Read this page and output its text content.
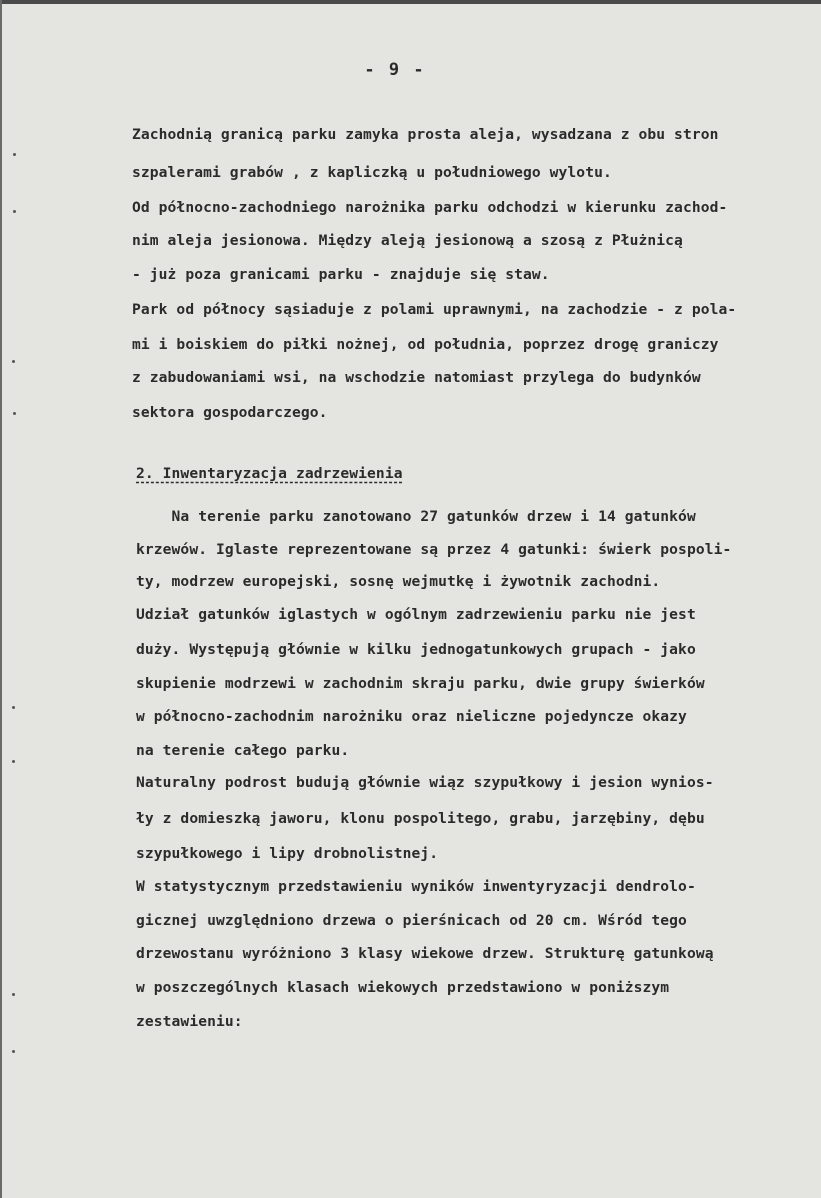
- 9 -
Zachodnią granicą parku zamyka prosta aleja, wysadzana z obu stron
szpalerami grabów , z kapliczką u południowego wylotu.
Od północno-zachodniego narożnika parku odchodzi w kierunku zachod-
nim aleja jesionowa. Między aleją jesionową a szosą z Płużnicą
- już poza granicami parku - znajduje się staw.
Park od północy sąsiaduje z polami uprawnymi, na zachodzie - z pola-
mi i boiskiem do piłki nożnej, od południa, poprzez drogę graniczy
z zabudowaniami wsi, na wschodzie natomiast przylega do budynków
sektora gospodarczego.
2. Inwentaryzacja zadrzewienia
Na terenie parku zanotowano 27 gatunków drzew i 14 gatunków
krzewów. Iglaste reprezentowane są przez 4 gatunki: świerk pospoli-
ty, modrzew europejski, sosnę wejmutkę i żywotnik zachodni.
Udział gatunków iglastych w ogólnym zadrzewieniu parku nie jest
duży. Występują głównie w kilku jednogatunkowych grupach - jako
skupienie modrzewi w zachodnim skraju parku, dwie grupy świerków
w północno-zachodnim narożniku oraz nieliczne pojedyncze okazy
na terenie całego parku.
Naturalny podrost budują głównie wiąz szypułkowy i jesion wynios-
ły z domieszką jaworu, klonu pospolitego, grabu, jarzębiny, dębu
szypułkowego i lipy drobnolistnej.
W statystycznym przedstawieniu wyników inwentyryzacji dendrolo-
gicznej uwzględniono drzewa o pierśnicach od 20 cm. Wśród tego
drzewostanu wyróżniono 3 klasy wiekowe drzew. Strukturę gatunkową
w poszczególnych klasach wiekowych przedstawiono w poniższym
zestawieniu:
